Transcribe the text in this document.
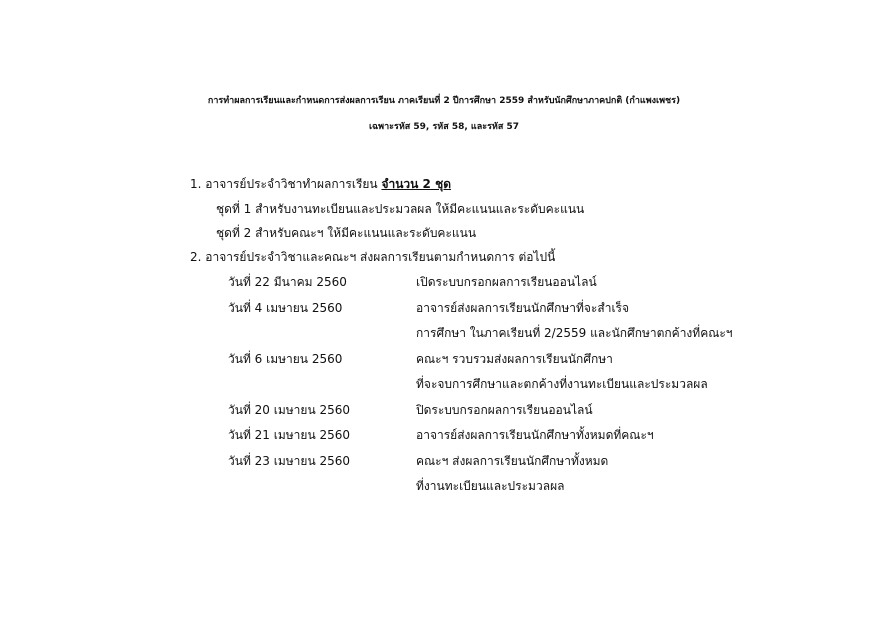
การทำผลการเรียนและกำหนดการส่งผลการเรียน ภาคเรียนที่ 2 ปีการศึกษา 2559 สำหรับนักศึกษาภาคปกติ (กำแพงเพชร)
เฉพาะรหัส 59, รหัส 58, และรหัส 57
1. อาจารย์ประจำวิชาทำผลการเรียน จำนวน 2 ชุด
ชุดที่ 1 สำหรับงานทะเบียนและประมวลผล ให้มีคะแนนและระดับคะแนน
ชุดที่ 2 สำหรับคณะฯ ให้มีคะแนนและระดับคะแนน
2. อาจารย์ประจำวิชาและคณะฯ ส่งผลการเรียนตามกำหนดการ ต่อไปนี้
วันที่ 22 มีนาคม 2560	เปิดระบบกรอกผลการเรียนออนไลน์
วันที่ 4 เมษายน 2560	อาจารย์ส่งผลการเรียนนักศึกษาที่จะสำเร็จ
การศึกษา ในภาคเรียนที่ 2/2559 และนักศึกษาตกค้างที่คณะฯ
วันที่ 6 เมษายน 2560	คณะฯ รวบรวมส่งผลการเรียนนักศึกษา
ที่จะจบการศึกษาและตกค้างที่งานทะเบียนและประมวลผล
วันที่ 20 เมษายน 2560	ปิดระบบกรอกผลการเรียนออนไลน์
วันที่ 21 เมษายน 2560	อาจารย์ส่งผลการเรียนนักศึกษาทั้งหมดที่คณะฯ
วันที่ 23 เมษายน 2560	คณะฯ ส่งผลการเรียนนักศึกษาทั้งหมด
ที่งานทะเบียนและประมวลผล
